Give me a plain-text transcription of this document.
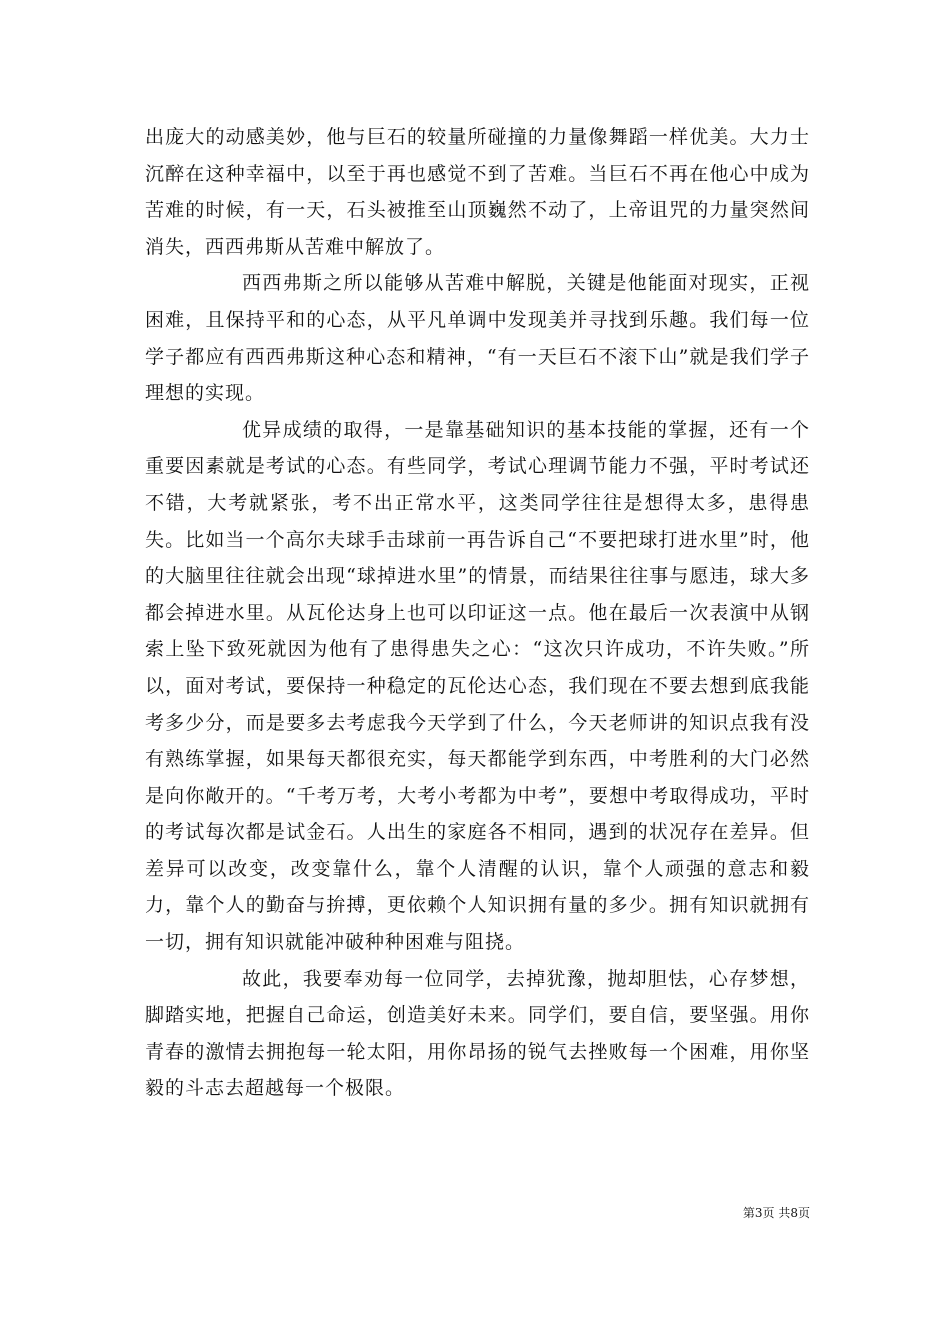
出庞大的动感美妙，他与巨石的较量所碰撞的力量像舞蹈一样优美。大力士沉醉在这种幸福中，以至于再也感觉不到了苦难。当巨石不再在他心中成为苦难的时候，有一天，石头被推至山顶巍然不动了，上帝诅咒的力量突然间消失，西西弗斯从苦难中解放了。

西西弗斯之所以能够从苦难中解脱，关键是他能面对现实，正视困难，且保持平和的心态，从平凡单调中发现美并寻找到乐趣。我们每一位学子都应有西西弗斯这种心态和精神，“有一天巨石不滚下山”就是我们学子理想的实现。

优异成绩的取得，一是靠基础知识的基本技能的掌握，还有一个重要因素就是考试的心态。有些同学，考试心理调节能力不强，平时考试还不错，大考就紧张，考不出正常水平，这类同学往往是想得太多，患得患失。比如当一个高尔夫球手击球前一再告诉自己“不要把球打进水里”时，他的大脑里往往就会出现“球掉进水里”的情景，而结果往往事与愿违，球大多都会掉进水里。从瓦伦达身上也可以印证这一点。他在最后一次表演中从钢索上坠下致死就因为他有了患得患失之心：“这次只许成功，不许失败。”所以，面对考试，要保持一种稳定的瓦伦达心态，我们现在不要去想到底我能考多少分，而是要多去考虑我今天学到了什么，今天老师讲的知识点我有没有熟练掌握，如果每天都很充实，每天都能学到东西，中考胜利的大门必然是向你敞开的。“千考万考，大考小考都为中考”，要想中考取得成功，平时的考试每次都是试金石。人出生的家庭各不相同，遇到的状况存在差异。但差异可以改变，改变靠什么，靠个人清醒的认识，靠个人顽强的意志和毅力，靠个人的勤奋与拚搏，更依赖个人知识拥有量的多少。拥有知识就拥有一切，拥有知识就能冲破种种困难与阻挠。

故此，我要奉劝每一位同学，去掉犹豫，抛却胆怯，心存梦想，脚踏实地，把握自己命运，创造美好未来。同学们，要自信，要坚强。用你青春的激情去拥抱每一轮太阳，用你昂扬的锐气去挫败每一个困难，用你坚毅的斗志去超越每一个极限。

第3页 共8页
